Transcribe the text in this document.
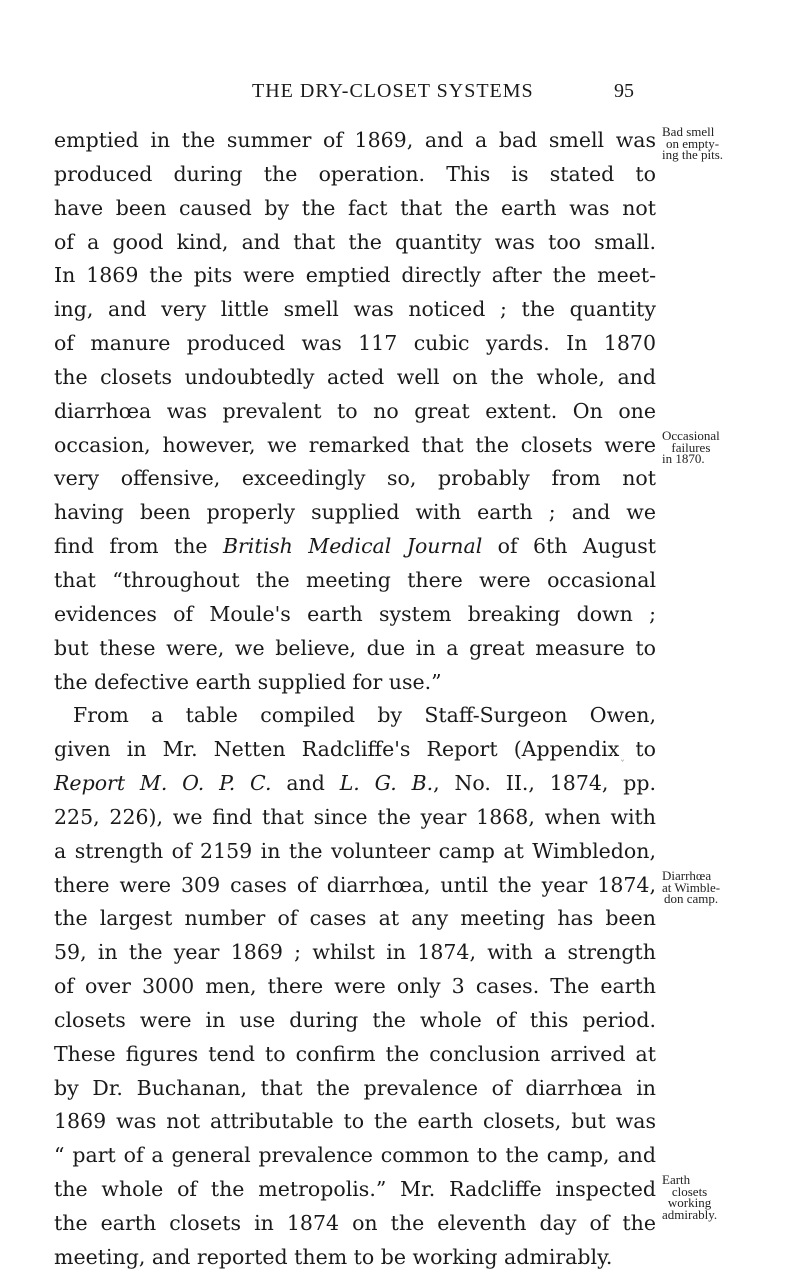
THE DRY-CLOSET SYSTEMS	95
emptied in the summer of 1869, and a bad smell was
produced during the operation. This is stated to
have been caused by the fact that the earth was not
of a good kind, and that the quantity was too small.
In 1869 the pits were emptied directly after the meet-
ing, and very little smell was noticed ; the quantity
of manure produced was 117 cubic yards. In 1870
the closets undoubtedly acted well on the whole, and
diarrhœa was prevalent to no great extent. On one
occasion, however, we remarked that the closets were
very offensive, exceedingly so, probably from not
having been properly supplied with earth ; and we
find from the British Medical Journal of 6th August
that “throughout the meeting there were occasional
evidences of Moule's earth system breaking down ;
but these were, we believe, due in a great measure to
the defective earth supplied for use.”
From a table compiled by Staff-Surgeon Owen,
given in Mr. Netten Radcliffe's Report (Appendix to
Report M. O. P. C. and L. G. B., No. II., 1874, pp.
225, 226), we find that since the year 1868, when with
a strength of 2159 in the volunteer camp at Wimbledon,
there were 309 cases of diarrhœa, until the year 1874,
the largest number of cases at any meeting has been
59, in the year 1869 ; whilst in 1874, with a strength
of over 3000 men, there were only 3 cases. The earth
closets were in use during the whole of this period.
These figures tend to confirm the conclusion arrived at
by Dr. Buchanan, that the prevalence of diarrhœa in
1869 was not attributable to the earth closets, but was
“ part of a general prevalence common to the camp, and
the whole of the metropolis.” Mr. Radcliffe inspected
the earth closets in 1874 on the eleventh day of the
meeting, and reported them to be working admirably.
Bad smell
on empty-
ing the pits.
Occasional
failures
in 1870.
Diarrhœa
at Wimble-
don camp.
Earth
closets
working
admirably.
ˇ
